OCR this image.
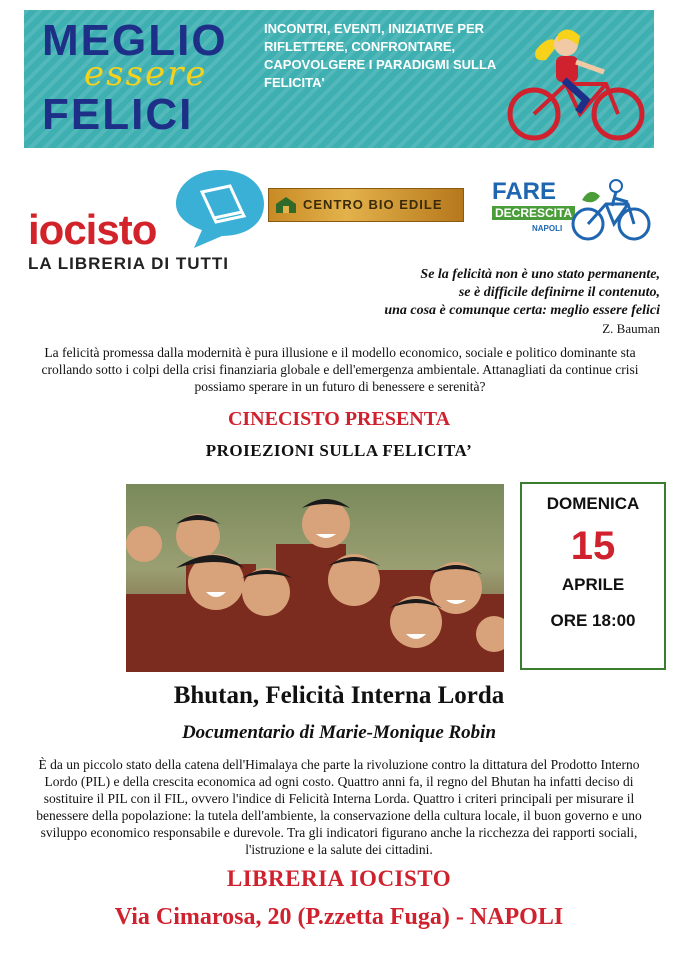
MEGLIO
essere
FELICI
INCONTRI, EVENTI, INIZIATIVE PER RIFLETTERE, CONFRONTARE, CAPOVOLGERE I PARADIGMI SULLA FELICITA'
iocisto
LA LIBRERIA DI TUTTI
CENTRO BIO EDILE FARE
DECRESCITA
NAPOLI
Se la felicità non è uno stato permanente,
se è difficile definirne il contenuto,
una cosa è comunque certa: meglio essere felici
Z. Bauman
La felicità promessa dalla modernità è pura illusione e il modello economico, sociale e politico dominante sta crollando sotto i colpi della crisi finanziaria globale e dell'emergenza ambientale. Attanagliati da continue crisi possiamo sperare in un futuro di benessere e serenità?
CINECISTO PRESENTA
PROIEZIONI SULLA FELICITA’
DOMENICA
15
APRILE
ORE 18:00
Bhutan, Felicità Interna Lorda
Documentario di Marie-Monique Robin
È da un piccolo stato della catena dell'Himalaya che parte la rivoluzione contro la dittatura del Prodotto Interno Lordo (PIL) e della crescita economica ad ogni costo. Quattro anni fa, il regno del Bhutan ha infatti deciso di sostituire il PIL con il FIL, ovvero l'indice di Felicità Interna Lorda. Quattro i criteri principali per misurare il benessere della popolazione: la tutela dell'ambiente, la conservazione della cultura locale, il buon governo e uno sviluppo economico responsabile e durevole. Tra gli indicatori figurano anche la ricchezza dei rapporti sociali, l'istruzione e la salute dei cittadini.
LIBRERIA IOCISTO
Via Cimarosa, 20 (P.zzetta Fuga) - NAPOLI
